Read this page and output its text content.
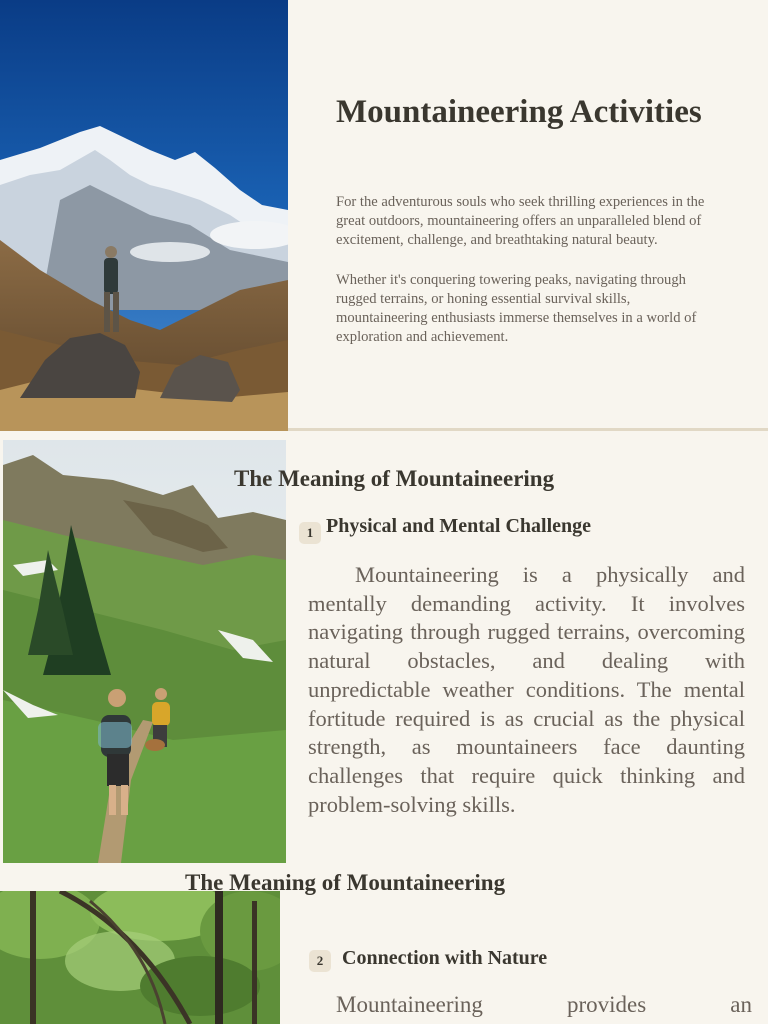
Mountaineering Activities

For the adventurous souls who seek thrilling experiences in the great outdoors, mountaineering offers an unparalleled blend of excitement, challenge, and breathtaking natural beauty.

Whether it's conquering towering peaks, navigating through rugged terrains, or honing essential survival skills, mountaineering enthusiasts immerse themselves in a world of exploration and achievement.

The Meaning of Mountaineering
1 Physical and Mental Challenge

Mountaineering is a physically and mentally demanding activity. It involves navigating through rugged terrains, overcoming natural obstacles, and dealing with unpredictable weather conditions. The mental fortitude required is as crucial as the physical strength, as mountaineers face daunting challenges that require quick thinking and problem-solving skills.

The Meaning of Mountaineering
2 Connection with Nature

Mountaineering provides an
